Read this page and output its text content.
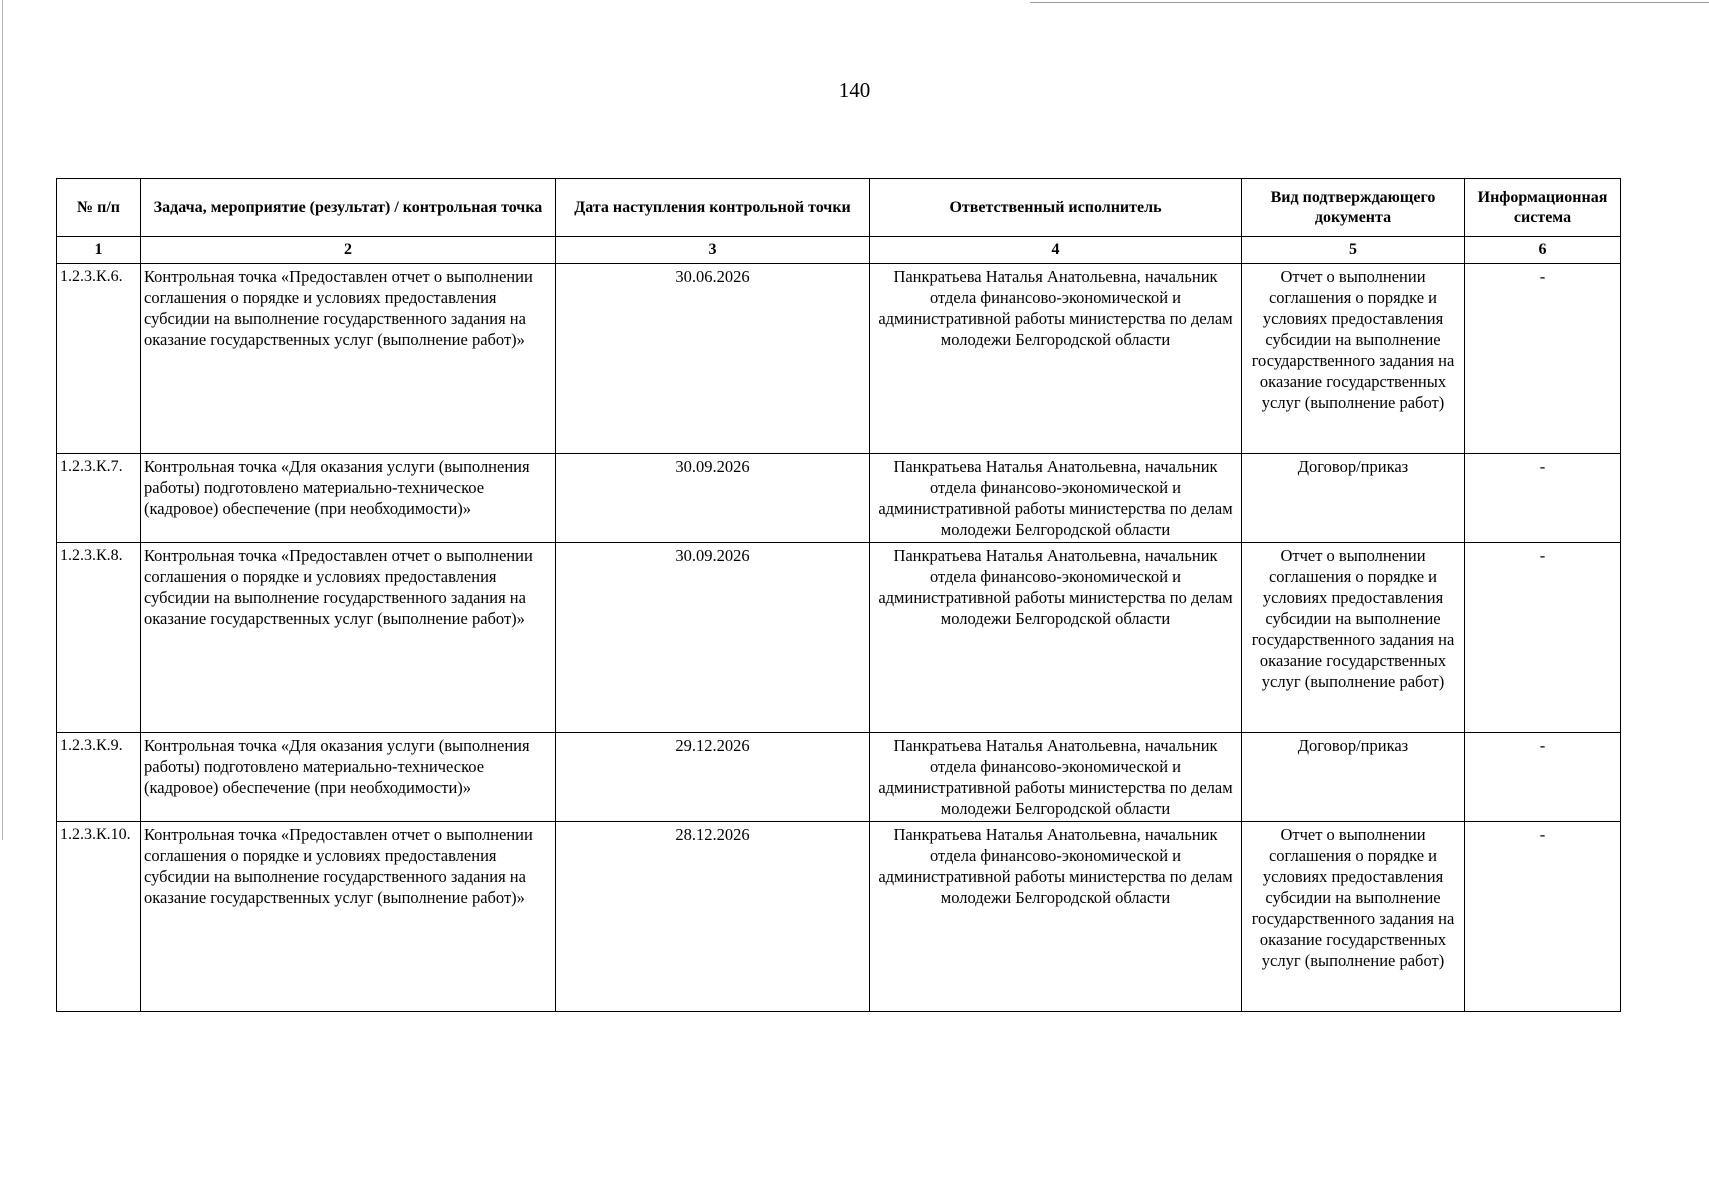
140
№ п/п	Задача, мероприятие (результат) / контрольная точка	Дата наступления контрольной точки	Ответственный исполнитель	Вид подтверждающего документа	Информационная система
1	2	3	4	5	6
1.2.3.К.6.	Контрольная точка «Предоставлен отчет о выполнении соглашения о порядке и условиях предоставления субсидии на выполнение государственного задания на оказание государственных услуг (выполнение работ)»	30.06.2026	Панкратьева Наталья Анатольевна, начальник отдела финансово-экономической и административной работы министерства по делам молодежи Белгородской области	Отчет о выполнении соглашения о порядке и условиях предоставления субсидии на выполнение государственного задания на оказание государственных услуг (выполнение работ)	-
1.2.3.К.7.	Контрольная точка «Для оказания услуги (выполнения работы) подготовлено материально-техническое (кадровое) обеспечение (при необходимости)»	30.09.2026	Панкратьева Наталья Анатольевна, начальник отдела финансово-экономической и административной работы министерства по делам молодежи Белгородской области	Договор/приказ	-
1.2.3.К.8.	Контрольная точка «Предоставлен отчет о выполнении соглашения о порядке и условиях предоставления субсидии на выполнение государственного задания на оказание государственных услуг (выполнение работ)»	30.09.2026	Панкратьева Наталья Анатольевна, начальник отдела финансово-экономической и административной работы министерства по делам молодежи Белгородской области	Отчет о выполнении соглашения о порядке и условиях предоставления субсидии на выполнение государственного задания на оказание государственных услуг (выполнение работ)	-
1.2.3.К.9.	Контрольная точка «Для оказания услуги (выполнения работы) подготовлено материально-техническое (кадровое) обеспечение (при необходимости)»	29.12.2026	Панкратьева Наталья Анатольевна, начальник отдела финансово-экономической и административной работы министерства по делам молодежи Белгородской области	Договор/приказ	-
1.2.3.К.10.	Контрольная точка «Предоставлен отчет о выполнении соглашения о порядке и условиях предоставления субсидии на выполнение государственного задания на оказание государственных услуг (выполнение работ)»	28.12.2026	Панкратьева Наталья Анатольевна, начальник отдела финансово-экономической и административной работы министерства по делам молодежи Белгородской области	Отчет о выполнении соглашения о порядке и условиях предоставления субсидии на выполнение государственного задания на оказание государственных услуг (выполнение работ)	-
